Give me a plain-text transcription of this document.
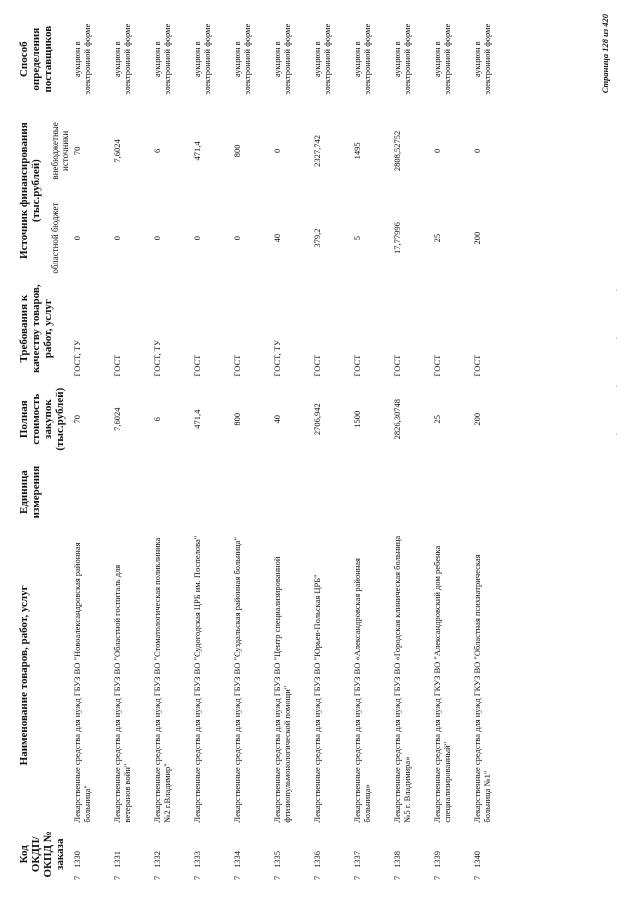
Код ОКДП/ ОКПД № заказа	Наименование товаров, работ, услуг	Единица измерения	Полная стоимость закупок (тыс.рублей)	Требования к качеству товаров, работ, услуг	Источник финансирования (тыс.рублей)		Способ определения поставщиков
					областной бюджет	внебюджетные источники	
71330	Лекарственные средства для нужд ГБУЗ ВО "Новоалександровская районная больница"		70	ГОСТ, ТУ	0	70	аукцион в электронной форме
71331	Лекарственные средства для нужд ГБУЗ ВО "Областной госпиталь для ветеранов войн"		7,6024	ГОСТ	0	7,6024	аукцион в электронной форме
71332	Лекарственные средства для нужд ГБУЗ ВО "Стоматологическая поликлиника №2 г.Владимир"		6	ГОСТ, ТУ	0	6	аукцион в электронной форме
71333	Лекарственные средства для нужд ГБУЗ ВО "Судогодская ЦРБ им. Поспелова"		471,4	ГОСТ	0	471,4	аукцион в электронной форме
71334	Лекарственные средства для нужд ГБУЗ ВО "Суздальская районная больница"		800	ГОСТ	0	800	аукцион в электронной форме
71335	Лекарственные средства для нужд ГБУЗ ВО "Центр специализированной фтизиопульмонологической помощи"		40	ГОСТ, ТУ	40	0	аукцион в электронной форме
71336	Лекарственные средства для нужд ГБУЗ ВО "Юрьев-Польская ЦРБ"		2706,942	ГОСТ	379,2	2327,742	аукцион в электронной форме
71337	Лекарственные средства для нужд ГБУЗ ВО «Александровская районная больница»		1500	ГОСТ	5	1495	аукцион в электронной форме
71338	Лекарственные средства для нужд ГБУЗ ВО «Городская клиническая больница №5 г. Владимира»		2826,30748	ГОСТ	17,77996	2808,52752	аукцион в электронной форме
71339	Лекарственные средства для нужд ГКУЗ ВО "Александровский дом ребенка специализированный"		25	ГОСТ	25	0	аукцион в электронной форме
71340	Лекарственные средства для нужд ГКУЗ ВО "Областная психиатрическая больница №1"		200	ГОСТ	200	0	аукцион в электронной форме
. . . .
Страница 128 из 420
